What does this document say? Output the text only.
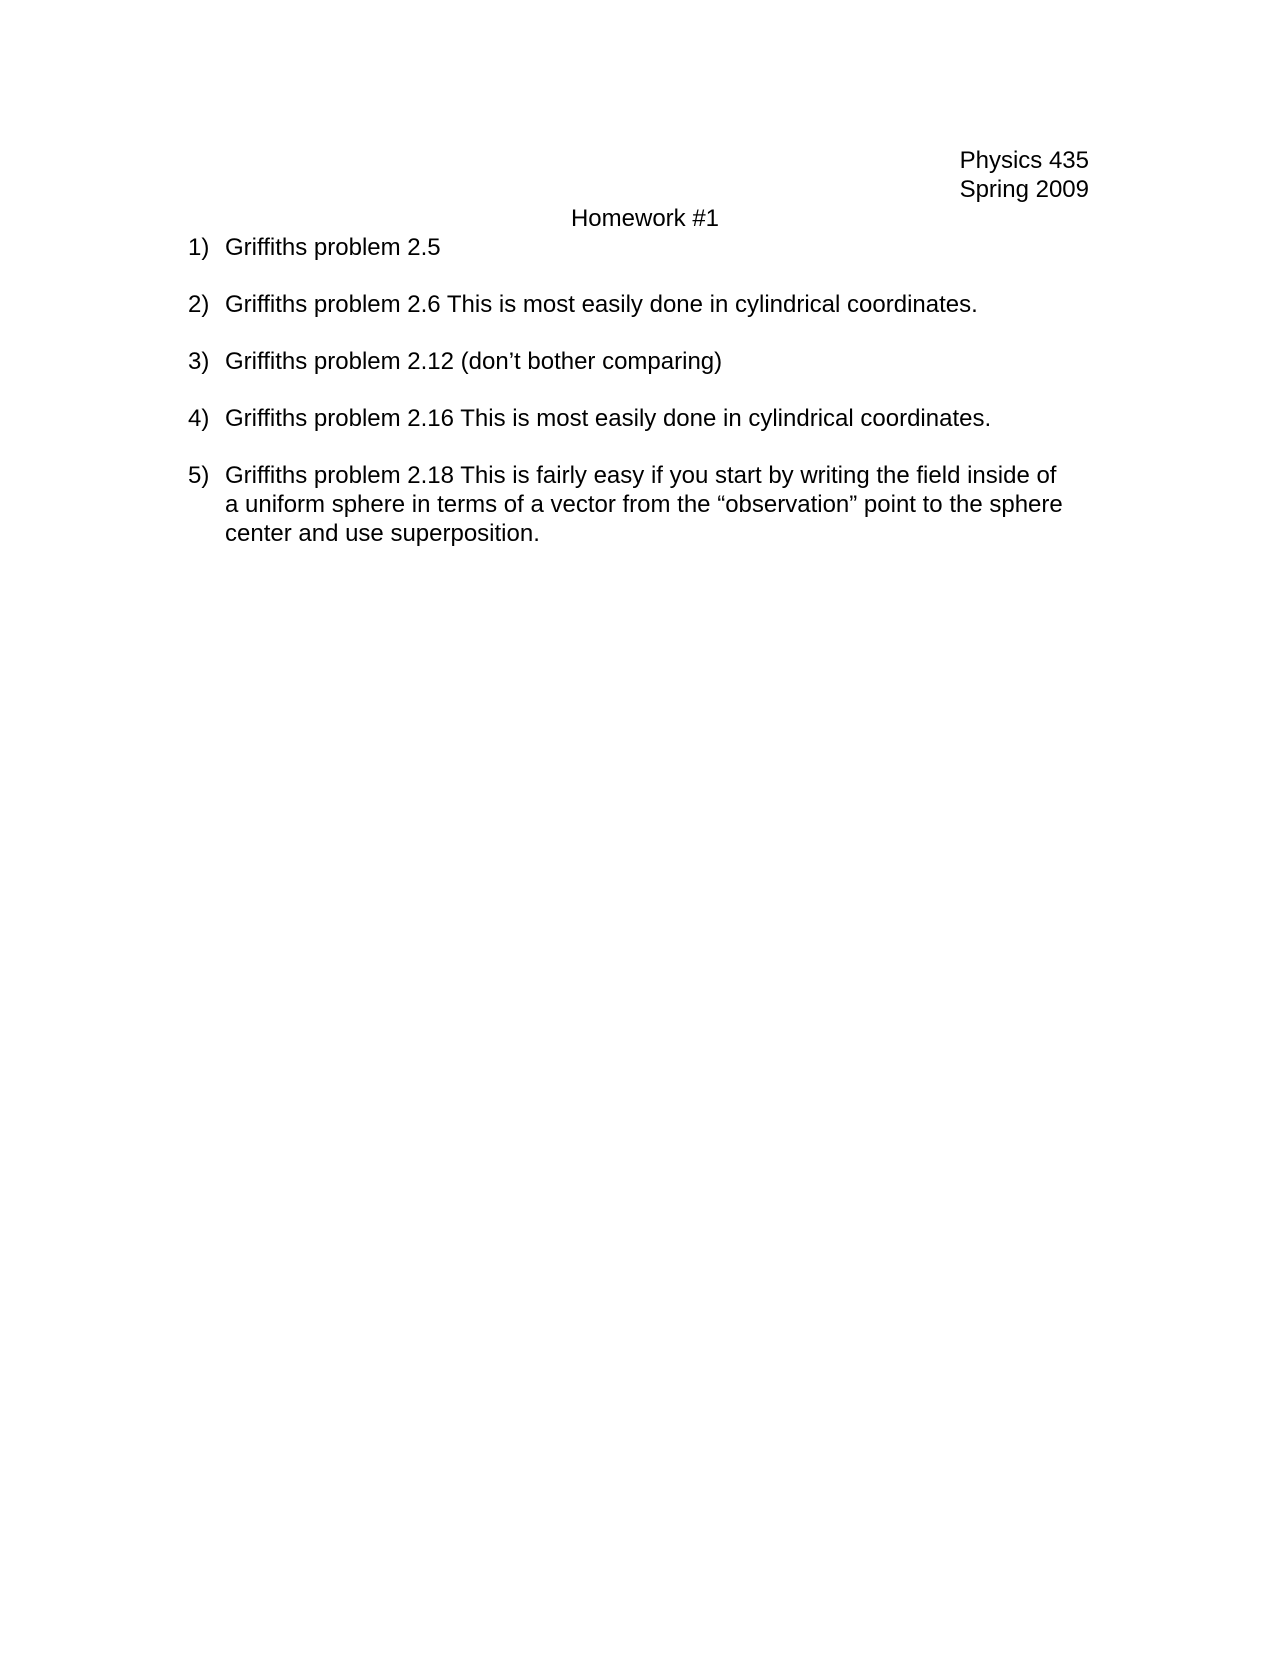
Physics 435
Spring 2009
Homework #1
1) Griffiths problem 2.5
2) Griffiths problem 2.6 This is most easily done in cylindrical coordinates.
3) Griffiths problem 2.12 (don’t bother comparing)
4) Griffiths problem 2.16 This is most easily done in cylindrical coordinates.
5) Griffiths problem 2.18 This is fairly easy if you start by writing the field inside of a uniform sphere in terms of a vector from the “observation” point to the sphere center and use superposition.
